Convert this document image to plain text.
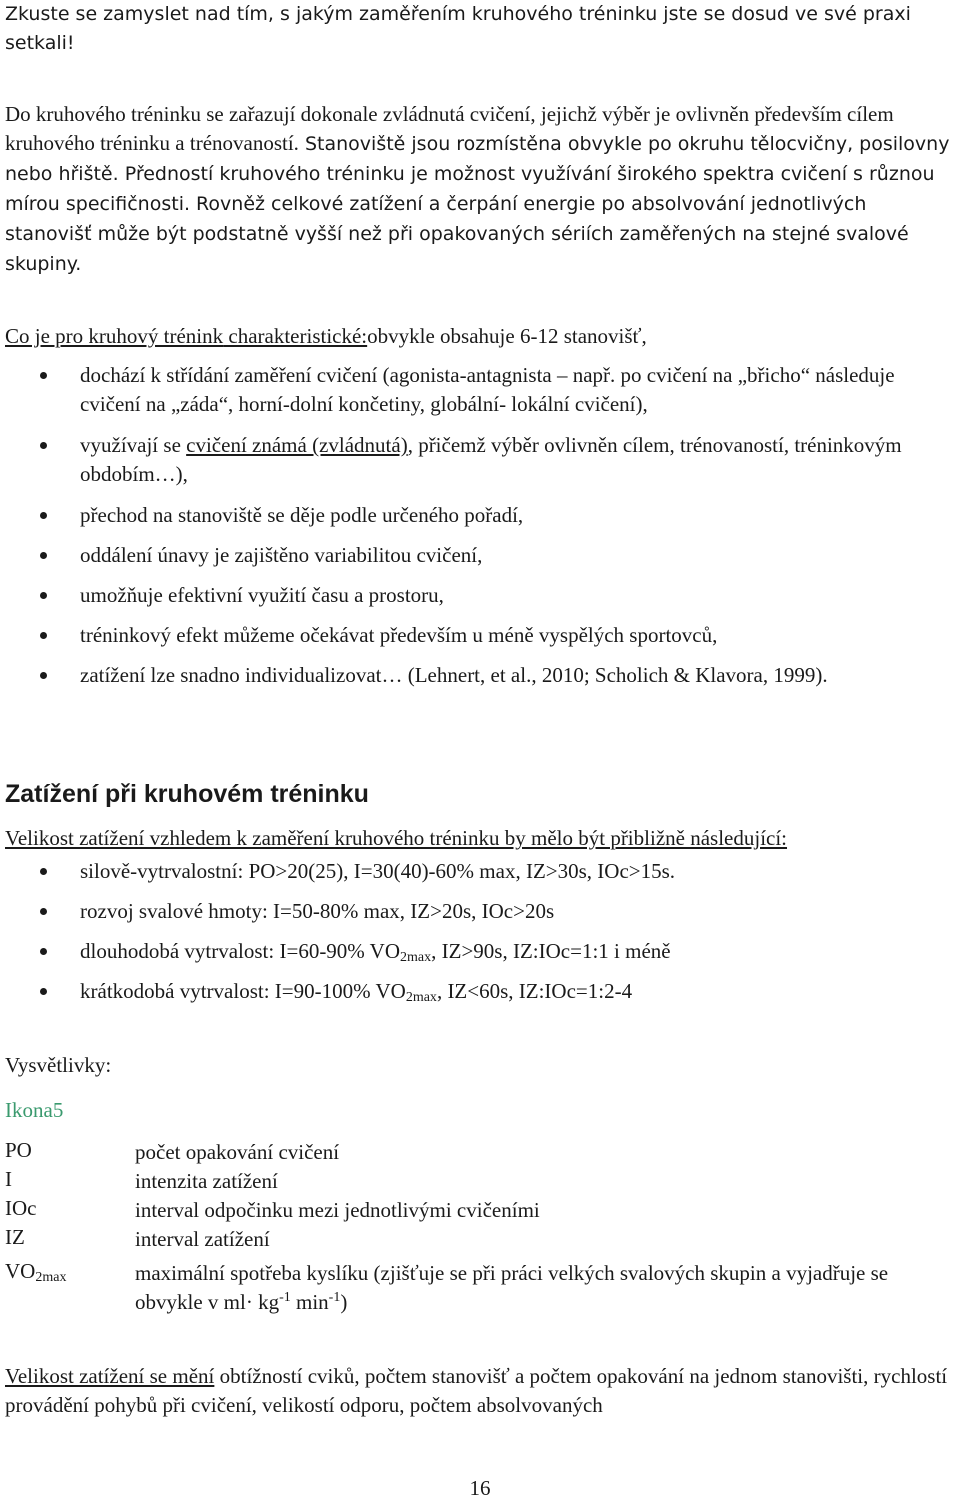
Zkuste se zamyslet nad tím, s jakým zaměřením kruhového tréninku jste se dosud ve své praxi setkali!

Do kruhového tréninku se zařazují dokonale zvládnutá cvičení, jejichž výběr je ovlivněn především cílem kruhového tréninku a trénovaností. Stanoviště jsou rozmístěna obvykle po okruhu tělocvičny, posilovny nebo hřiště. Předností kruhového tréninku je možnost využívání širokého spektra cvičení s různou mírou specifičnosti. Rovněž celkové zatížení a čerpání energie po absolvování jednotlivých stanovišť může být podstatně vyšší než při opakovaných sériích zaměřených na stejné svalové skupiny.

Co je pro kruhový trénink charakteristické:obvykle obsahuje 6-12 stanovišť,

dochází k střídání zaměření cvičení (agonista-antagnista – např. po cvičení na „břicho“ následuje cvičení na „záda“, horní-dolní končetiny, globální- lokální cvičení),
využívají se cvičení známá (zvládnutá), přičemž výběr ovlivněn cílem, trénovaností, tréninkovým obdobím…),
přechod na stanoviště se děje podle určeného pořadí,
oddálení únavy je zajištěno variabilitou cvičení,
umožňuje efektivní využití času a prostoru,
tréninkový efekt můžeme očekávat především u méně vyspělých sportovců,
zatížení lze snadno individualizovat… (Lehnert, et al., 2010; Scholich & Klavora, 1999).
Zatížení při kruhovém tréninku

Velikost zatížení vzhledem k zaměření kruhového tréninku by mělo být přibližně následující:

silově-vytrvalostní: PO>20(25), I=30(40)-60% max, IZ>30s, IOc>15s.
rozvoj svalové hmoty: I=50-80% max, IZ>20s, IOc>20s
dlouhodobá vytrvalost: I=60-90% $VO_{2max}$, IZ>90s, IZ:IOc=1:1 i méně
krátkodobá vytrvalost: I=90-100% $VO_{2max}$, IZ<60s, IZ:IOc=1:2-4

Vysvětlivky:

Ikona5

PO	počet opakování cvičení
I	intenzita zatížení
IOc	interval odpočinku mezi jednotlivými cvičeními
IZ	interval zatížení
$VO_{2max}$	maximální spotřeba kyslíku (zjišťuje se při práci velkých svalových skupin a vyjadřuje se obvykle v $ml\cdot kg^{-1}$ $\min^{-1}$)

Velikost zatížení se mění obtížností cviků, počtem stanovišť a počtem opakování na jednom stanovišti, rychlostí provádění pohybů při cvičení, velikostí odporu, počtem absolvovaných

16
